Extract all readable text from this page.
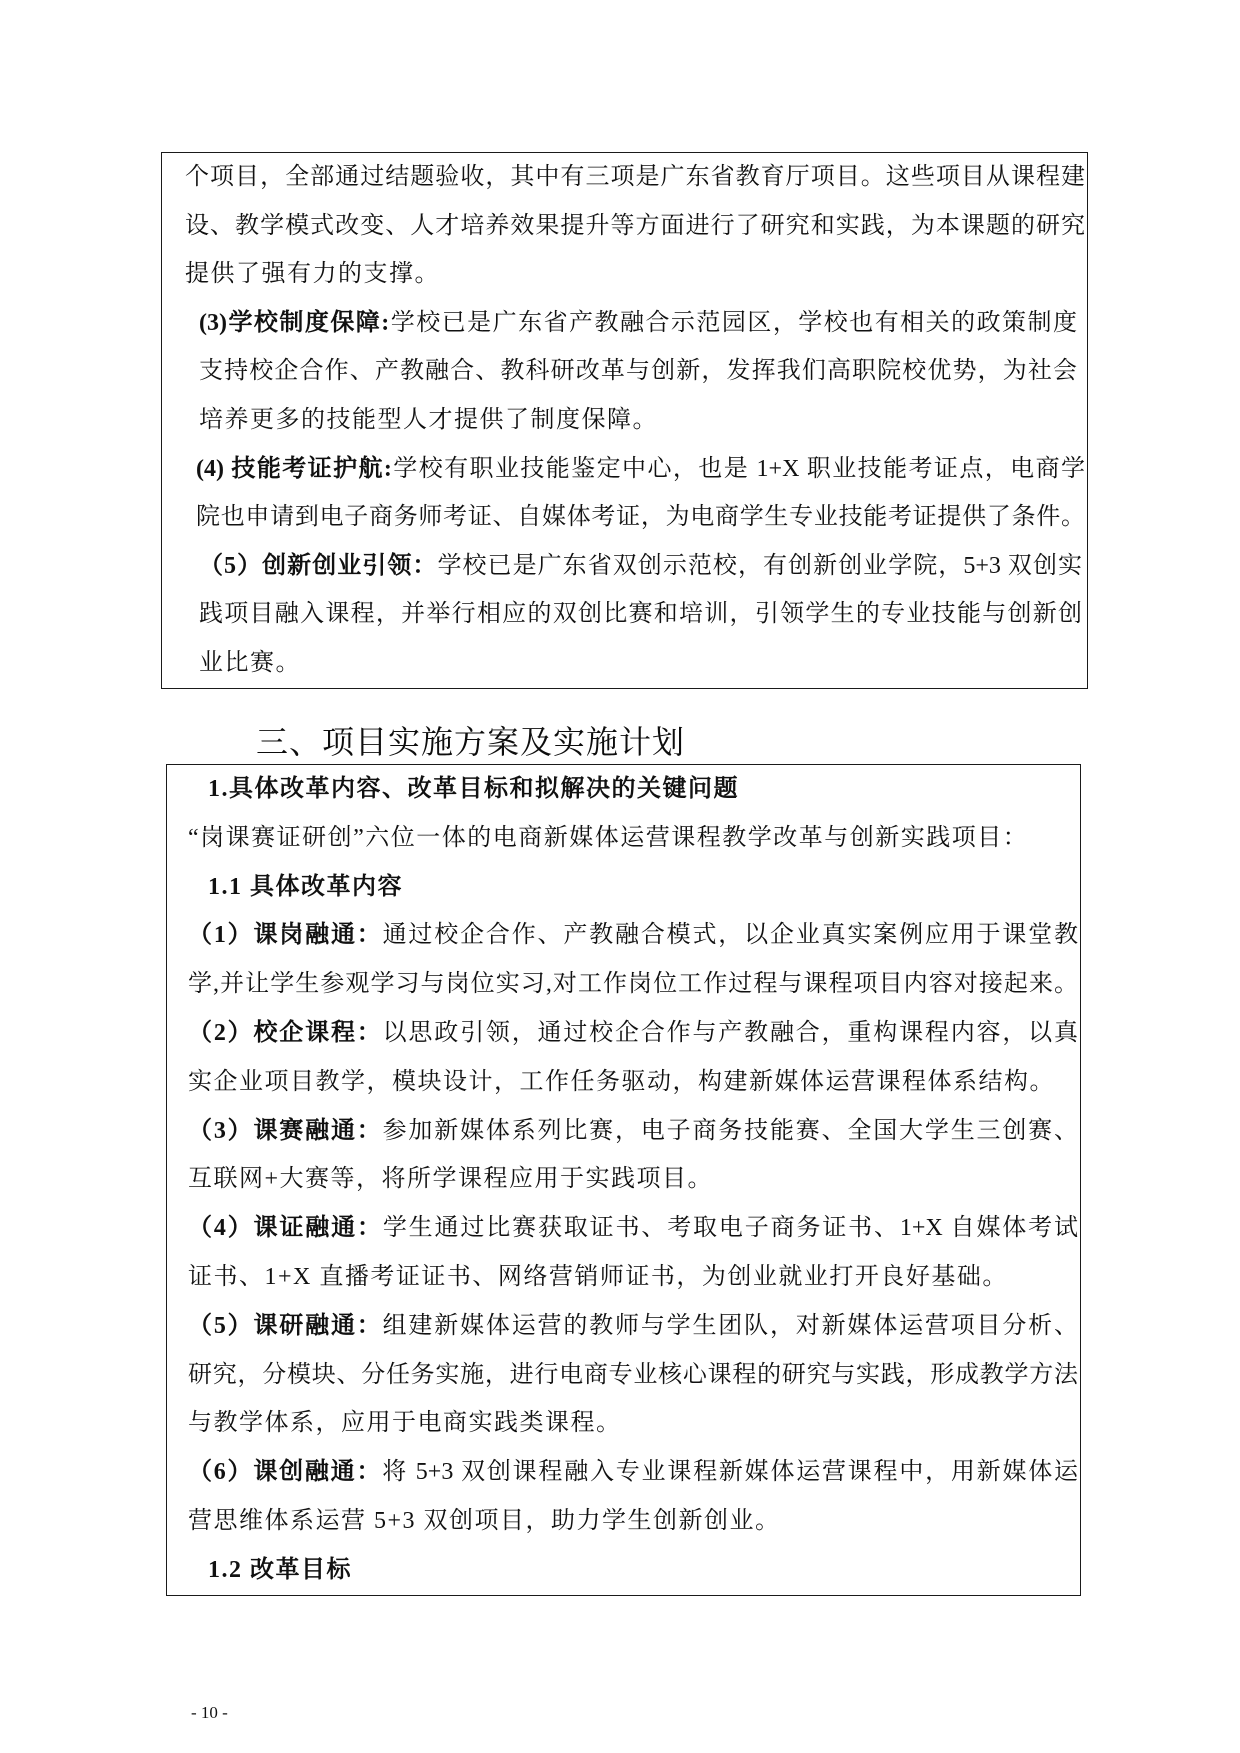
个项目，全部通过结题验收，其中有三项是广东省教育厅项目。这些项目从课程建
设、教学模式改变、人才培养效果提升等方面进行了研究和实践，为本课题的研究
提供了强有力的支撑。
(3)学校制度保障:学校已是广东省产教融合示范园区，学校也有相关的政策制度
支持校企合作、产教融合、教科研改革与创新，发挥我们高职院校优势，为社会
培养更多的技能型人才提供了制度保障。
(4) 技能考证护航:学校有职业技能鉴定中心，也是 1+X 职业技能考证点，电商学
院也申请到电子商务师考证、自媒体考证，为电商学生专业技能考证提供了条件。
（5）创新创业引领：学校已是广东省双创示范校，有创新创业学院，5+3 双创实
践项目融入课程，并举行相应的双创比赛和培训，引领学生的专业技能与创新创
业比赛。
三、项目实施方案及实施计划
1.具体改革内容、改革目标和拟解决的关键问题
“岗课赛证研创”六位一体的电商新媒体运营课程教学改革与创新实践项目：
1.1 具体改革内容
（1）课岗融通：通过校企合作、产教融合模式，以企业真实案例应用于课堂教
学,并让学生参观学习与岗位实习,对工作岗位工作过程与课程项目内容对接起来。
（2）校企课程：以思政引领，通过校企合作与产教融合，重构课程内容，以真
实企业项目教学，模块设计，工作任务驱动，构建新媒体运营课程体系结构。
（3）课赛融通：参加新媒体系列比赛，电子商务技能赛、全国大学生三创赛、
互联网+大赛等，将所学课程应用于实践项目。
（4）课证融通：学生通过比赛获取证书、考取电子商务证书、1+X 自媒体考试
证书、1+X 直播考证证书、网络营销师证书，为创业就业打开良好基础。
（5）课研融通：组建新媒体运营的教师与学生团队，对新媒体运营项目分析、
研究，分模块、分任务实施，进行电商专业核心课程的研究与实践，形成教学方法
与教学体系，应用于电商实践类课程。
（6）课创融通：将 5+3 双创课程融入专业课程新媒体运营课程中，用新媒体运
营思维体系运营 5+3 双创项目，助力学生创新创业。
1.2 改革目标
- 10 -
